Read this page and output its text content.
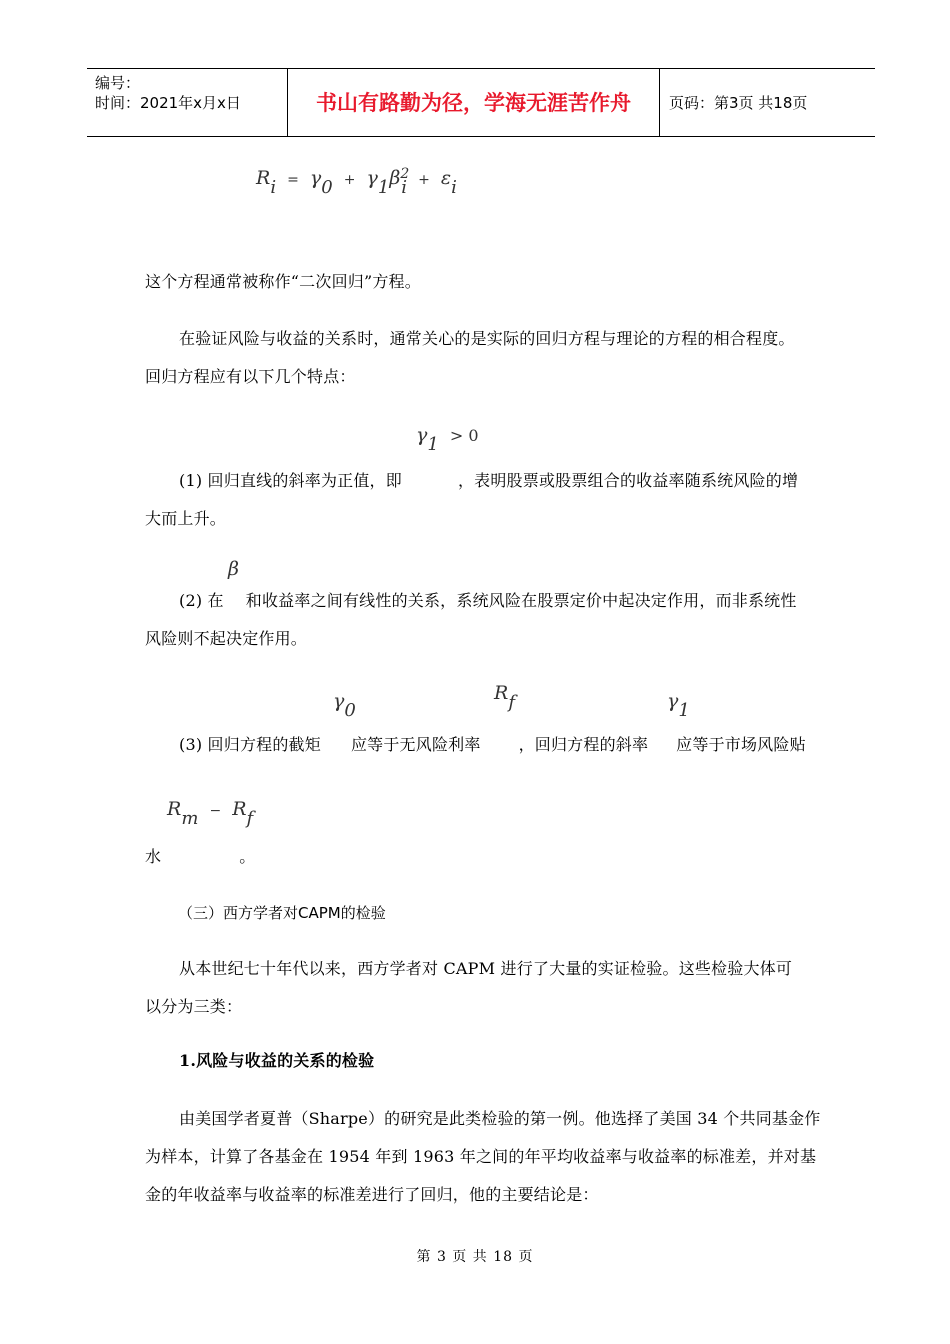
编号：
时间：2021年x月x日	书山有路勤为径，学海无涯苦作舟	页码：第3页 共18页
$R_i = \gamma_0 + \gamma_1\beta^2_i + \varepsilon_i$
这个方程通常被称作“二次回归”方程。
在验证风险与收益的关系时，通常关心的是实际的回归方程与理论的方程的相合程度。
回归方程应有以下几个特点：
$\gamma_1 > 0$
(1) 回归直线的斜率为正值，即	，表明股票或股票组合的收益率随系统风险的增
大而上升。
β
(2) 在 和收益率之间有线性的关系，系统风险在股票定价中起决定作用，而非系统性
风险则不起决定作用。
$\gamma_0$
$R_f$	$\gamma_1$
(3) 回归方程的截矩 应等于无风险利率 ，回归方程的斜率 应等于市场风险贴
$R_m - R_f$
水	。
（三）西方学者对CAPM的检验
从本世纪七十年代以来，西方学者对 CAPM 进行了大量的实证检验。这些检验大体可
以分为三类：
1.风险与收益的关系的检验
由美国学者夏普（Sharpe）的研究是此类检验的第一例。他选择了美国 34 个共同基金作
为样本，计算了各基金在 1954 年到 1963 年之间的年平均收益率与收益率的标准差，并对基
金的年收益率与收益率的标准差进行了回归，他的主要结论是：
第 3 页 共 18 页
